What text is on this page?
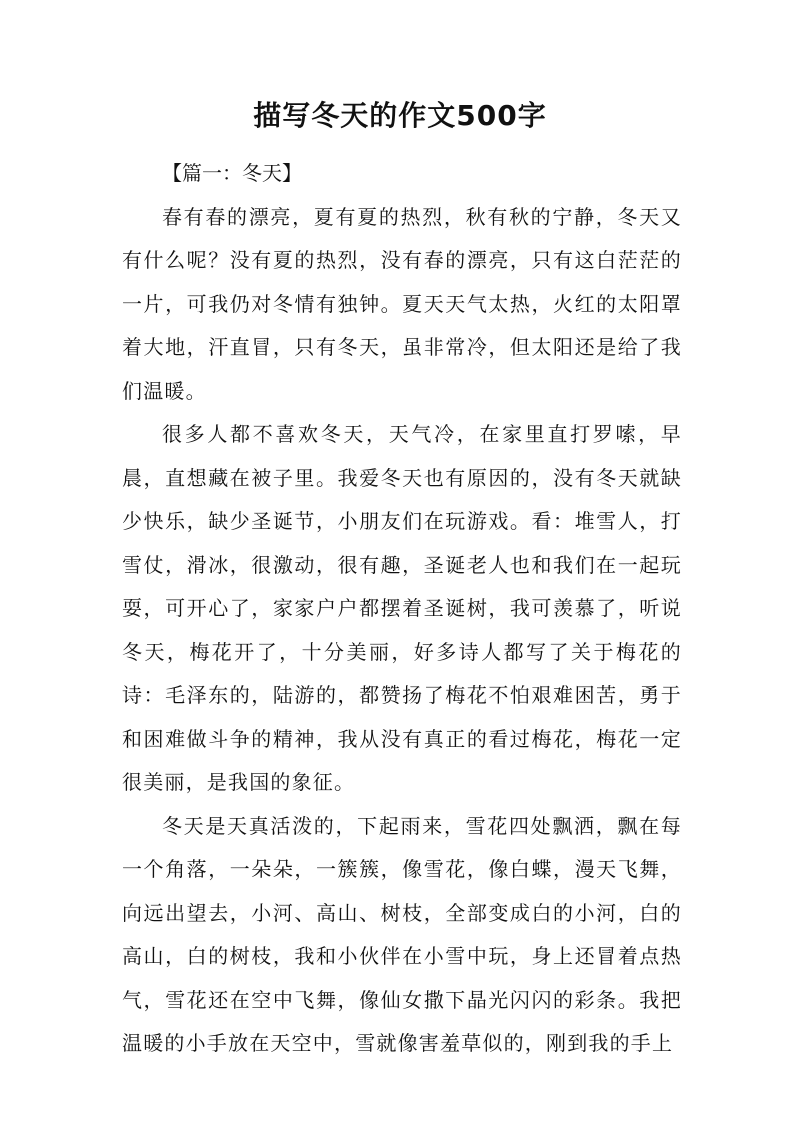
描写冬天的作文500字

【篇一：冬天】

春有春的漂亮，夏有夏的热烈，秋有秋的宁静，冬天又有什么呢？没有夏的热烈，没有春的漂亮，只有这白茫茫的一片，可我仍对冬情有独钟。夏天天气太热，火红的太阳罩着大地，汗直冒，只有冬天，虽非常冷，但太阳还是给了我们温暖。

很多人都不喜欢冬天，天气冷，在家里直打罗嗦，早晨，直想藏在被子里。我爱冬天也有原因的，没有冬天就缺少快乐，缺少圣诞节，小朋友们在玩游戏。看：堆雪人，打雪仗，滑冰，很激动，很有趣，圣诞老人也和我们在一起玩耍，可开心了，家家户户都摆着圣诞树，我可羡慕了，听说冬天，梅花开了，十分美丽，好多诗人都写了关于梅花的诗：毛泽东的，陆游的，都赞扬了梅花不怕艰难困苦，勇于和困难做斗争的精神，我从没有真正的看过梅花，梅花一定很美丽，是我国的象征。

冬天是天真活泼的，下起雨来，雪花四处飘洒，飘在每一个角落，一朵朵，一簇簇，像雪花，像白蝶，漫天飞舞，向远出望去，小河、高山、树枝，全部变成白的小河，白的高山，白的树枝，我和小伙伴在小雪中玩，身上还冒着点热气，雪花还在空中飞舞，像仙女撒下晶光闪闪的彩条。我把温暖的小手放在天空中，雪就像害羞草似的，刚到我的手上
